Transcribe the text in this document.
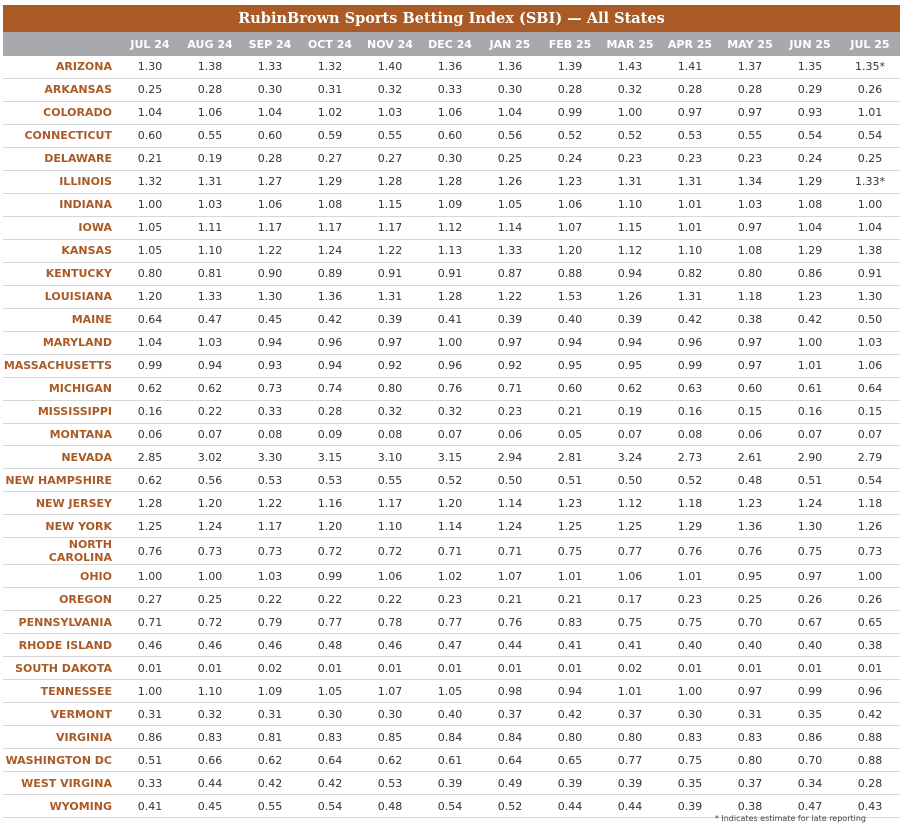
RubinBrown Sports Betting Index (SBI) — All States
	JUL 24	AUG 24	SEP 24	OCT 24	NOV 24	DEC 24	JAN 25	FEB 25	MAR 25	APR 25	MAY 25	JUN 25	JUL 25
ARIZONA	1.30	1.38	1.33	1.32	1.40	1.36	1.36	1.39	1.43	1.41	1.37	1.35	1.35*
ARKANSAS	0.25	0.28	0.30	0.31	0.32	0.33	0.30	0.28	0.32	0.28	0.28	0.29	0.26
COLORADO	1.04	1.06	1.04	1.02	1.03	1.06	1.04	0.99	1.00	0.97	0.97	0.93	1.01
CONNECTICUT	0.60	0.55	0.60	0.59	0.55	0.60	0.56	0.52	0.52	0.53	0.55	0.54	0.54
DELAWARE	0.21	0.19	0.28	0.27	0.27	0.30	0.25	0.24	0.23	0.23	0.23	0.24	0.25
ILLINOIS	1.32	1.31	1.27	1.29	1.28	1.28	1.26	1.23	1.31	1.31	1.34	1.29	1.33*
INDIANA	1.00	1.03	1.06	1.08	1.15	1.09	1.05	1.06	1.10	1.01	1.03	1.08	1.00
IOWA	1.05	1.11	1.17	1.17	1.17	1.12	1.14	1.07	1.15	1.01	0.97	1.04	1.04
KANSAS	1.05	1.10	1.22	1.24	1.22	1.13	1.33	1.20	1.12	1.10	1.08	1.29	1.38
KENTUCKY	0.80	0.81	0.90	0.89	0.91	0.91	0.87	0.88	0.94	0.82	0.80	0.86	0.91
LOUISIANA	1.20	1.33	1.30	1.36	1.31	1.28	1.22	1.53	1.26	1.31	1.18	1.23	1.30
MAINE	0.64	0.47	0.45	0.42	0.39	0.41	0.39	0.40	0.39	0.42	0.38	0.42	0.50
MARYLAND	1.04	1.03	0.94	0.96	0.97	1.00	0.97	0.94	0.94	0.96	0.97	1.00	1.03
MASSACHUSETTS	0.99	0.94	0.93	0.94	0.92	0.96	0.92	0.95	0.95	0.99	0.97	1.01	1.06
MICHIGAN	0.62	0.62	0.73	0.74	0.80	0.76	0.71	0.60	0.62	0.63	0.60	0.61	0.64
MISSISSIPPI	0.16	0.22	0.33	0.28	0.32	0.32	0.23	0.21	0.19	0.16	0.15	0.16	0.15
MONTANA	0.06	0.07	0.08	0.09	0.08	0.07	0.06	0.05	0.07	0.08	0.06	0.07	0.07
NEVADA	2.85	3.02	3.30	3.15	3.10	3.15	2.94	2.81	3.24	2.73	2.61	2.90	2.79
NEW HAMPSHIRE	0.62	0.56	0.53	0.53	0.55	0.52	0.50	0.51	0.50	0.52	0.48	0.51	0.54
NEW JERSEY	1.28	1.20	1.22	1.16	1.17	1.20	1.14	1.23	1.12	1.18	1.23	1.24	1.18
NEW YORK	1.25	1.24	1.17	1.20	1.10	1.14	1.24	1.25	1.25	1.29	1.36	1.30	1.26
NORTH CAROLINA	0.76	0.73	0.73	0.72	0.72	0.71	0.71	0.75	0.77	0.76	0.76	0.75	0.73
OHIO	1.00	1.00	1.03	0.99	1.06	1.02	1.07	1.01	1.06	1.01	0.95	0.97	1.00
OREGON	0.27	0.25	0.22	0.22	0.22	0.23	0.21	0.21	0.17	0.23	0.25	0.26	0.26
PENNSYLVANIA	0.71	0.72	0.79	0.77	0.78	0.77	0.76	0.83	0.75	0.75	0.70	0.67	0.65
RHODE ISLAND	0.46	0.46	0.46	0.48	0.46	0.47	0.44	0.41	0.41	0.40	0.40	0.40	0.38
SOUTH DAKOTA	0.01	0.01	0.02	0.01	0.01	0.01	0.01	0.01	0.02	0.01	0.01	0.01	0.01
TENNESSEE	1.00	1.10	1.09	1.05	1.07	1.05	0.98	0.94	1.01	1.00	0.97	0.99	0.96
VERMONT	0.31	0.32	0.31	0.30	0.30	0.40	0.37	0.42	0.37	0.30	0.31	0.35	0.42
VIRGINIA	0.86	0.83	0.81	0.83	0.85	0.84	0.84	0.80	0.80	0.83	0.83	0.86	0.88
WASHINGTON DC	0.51	0.66	0.62	0.64	0.62	0.61	0.64	0.65	0.77	0.75	0.80	0.70	0.88
WEST VIRGINA	0.33	0.44	0.42	0.42	0.53	0.39	0.49	0.39	0.39	0.35	0.37	0.34	0.28
WYOMING	0.41	0.45	0.55	0.54	0.48	0.54	0.52	0.44	0.44	0.39	0.38	0.47	0.43
* Indicates estimate for late reporting
